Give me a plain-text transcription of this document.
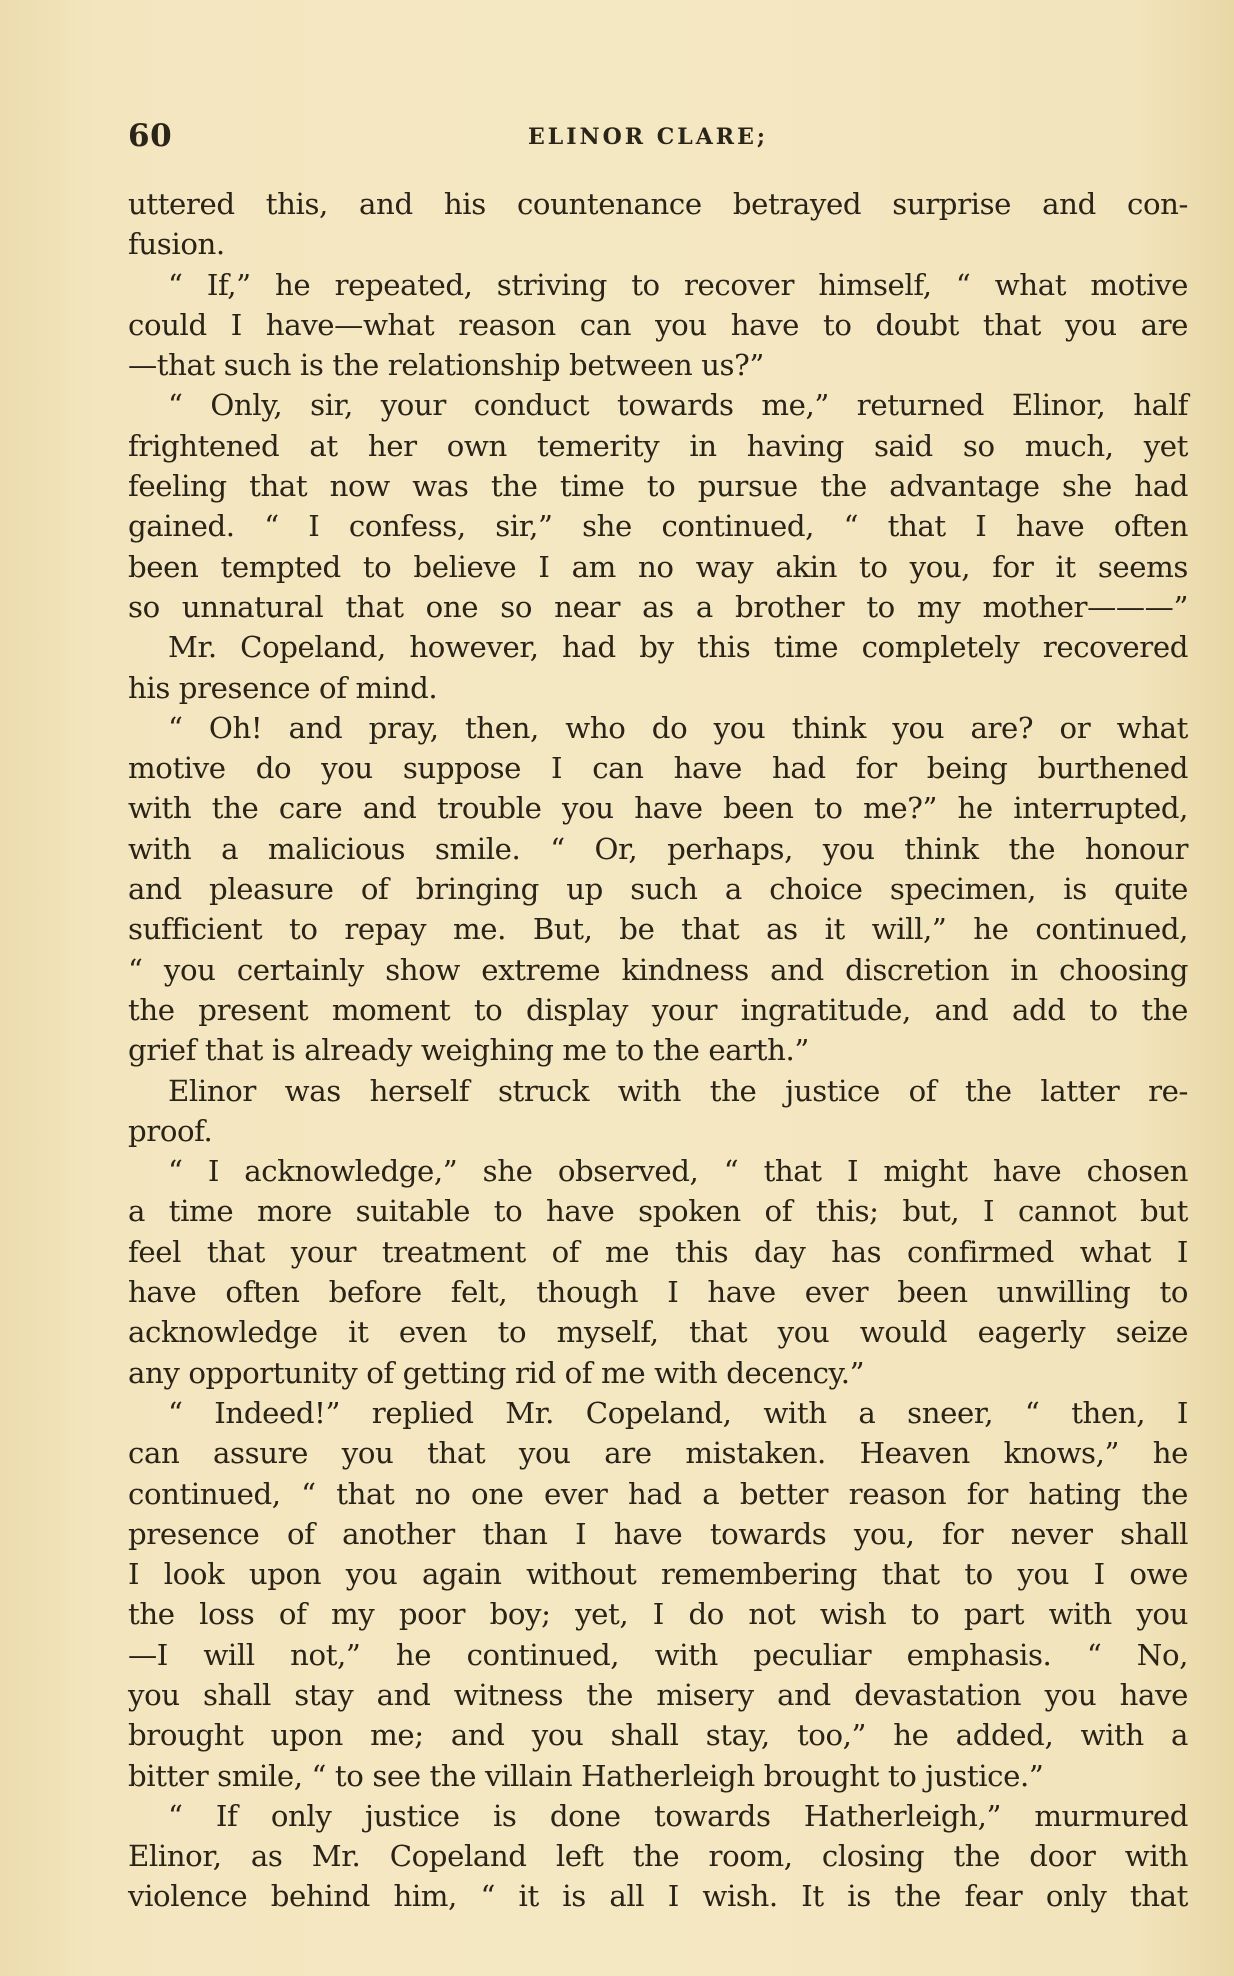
60	ELINOR CLARE;
uttered this, and his countenance betrayed surprise and con-
fusion.
“ If,” he repeated, striving to recover himself, “ what motive
could I have—what reason can you have to doubt that you are
—that such is the relationship between us?”
“ Only, sir, your conduct towards me,” returned Elinor, half
frightened at her own temerity in having said so much, yet
feeling that now was the time to pursue the advantage she had
gained. “ I confess, sir,” she continued, “ that I have often
been tempted to believe I am no way akin to you, for it seems
so unnatural that one so near as a brother to my mother———”
Mr. Copeland, however, had by this time completely recovered
his presence of mind.
“ Oh! and pray, then, who do you think you are? or what
motive do you suppose I can have had for being burthened
with the care and trouble you have been to me?” he interrupted,
with a malicious smile. “ Or, perhaps, you think the honour
and pleasure of bringing up such a choice specimen, is quite
sufficient to repay me. But, be that as it will,” he continued,
“ you certainly show extreme kindness and discretion in choosing
the present moment to display your ingratitude, and add to the
grief that is already weighing me to the earth.”
Elinor was herself struck with the justice of the latter re-
proof.
“ I acknowledge,” she observed, “ that I might have chosen
a time more suitable to have spoken of this; but, I cannot but
feel that your treatment of me this day has confirmed what I
have often before felt, though I have ever been unwilling to
acknowledge it even to myself, that you would eagerly seize
any opportunity of getting rid of me with decency.”
“ Indeed!” replied Mr. Copeland, with a sneer, “ then, I
can assure you that you are mistaken. Heaven knows,” he
continued, “ that no one ever had a better reason for hating the
presence of another than I have towards you, for never shall
I look upon you again without remembering that to you I owe
the loss of my poor boy; yet, I do not wish to part with you
—I will not,” he continued, with peculiar emphasis. “ No,
you shall stay and witness the misery and devastation you have
brought upon me; and you shall stay, too,” he added, with a
bitter smile, “ to see the villain Hatherleigh brought to justice.”
“ If only justice is done towards Hatherleigh,” murmured
Elinor, as Mr. Copeland left the room, closing the door with
violence behind him, “ it is all I wish. It is the fear only that
